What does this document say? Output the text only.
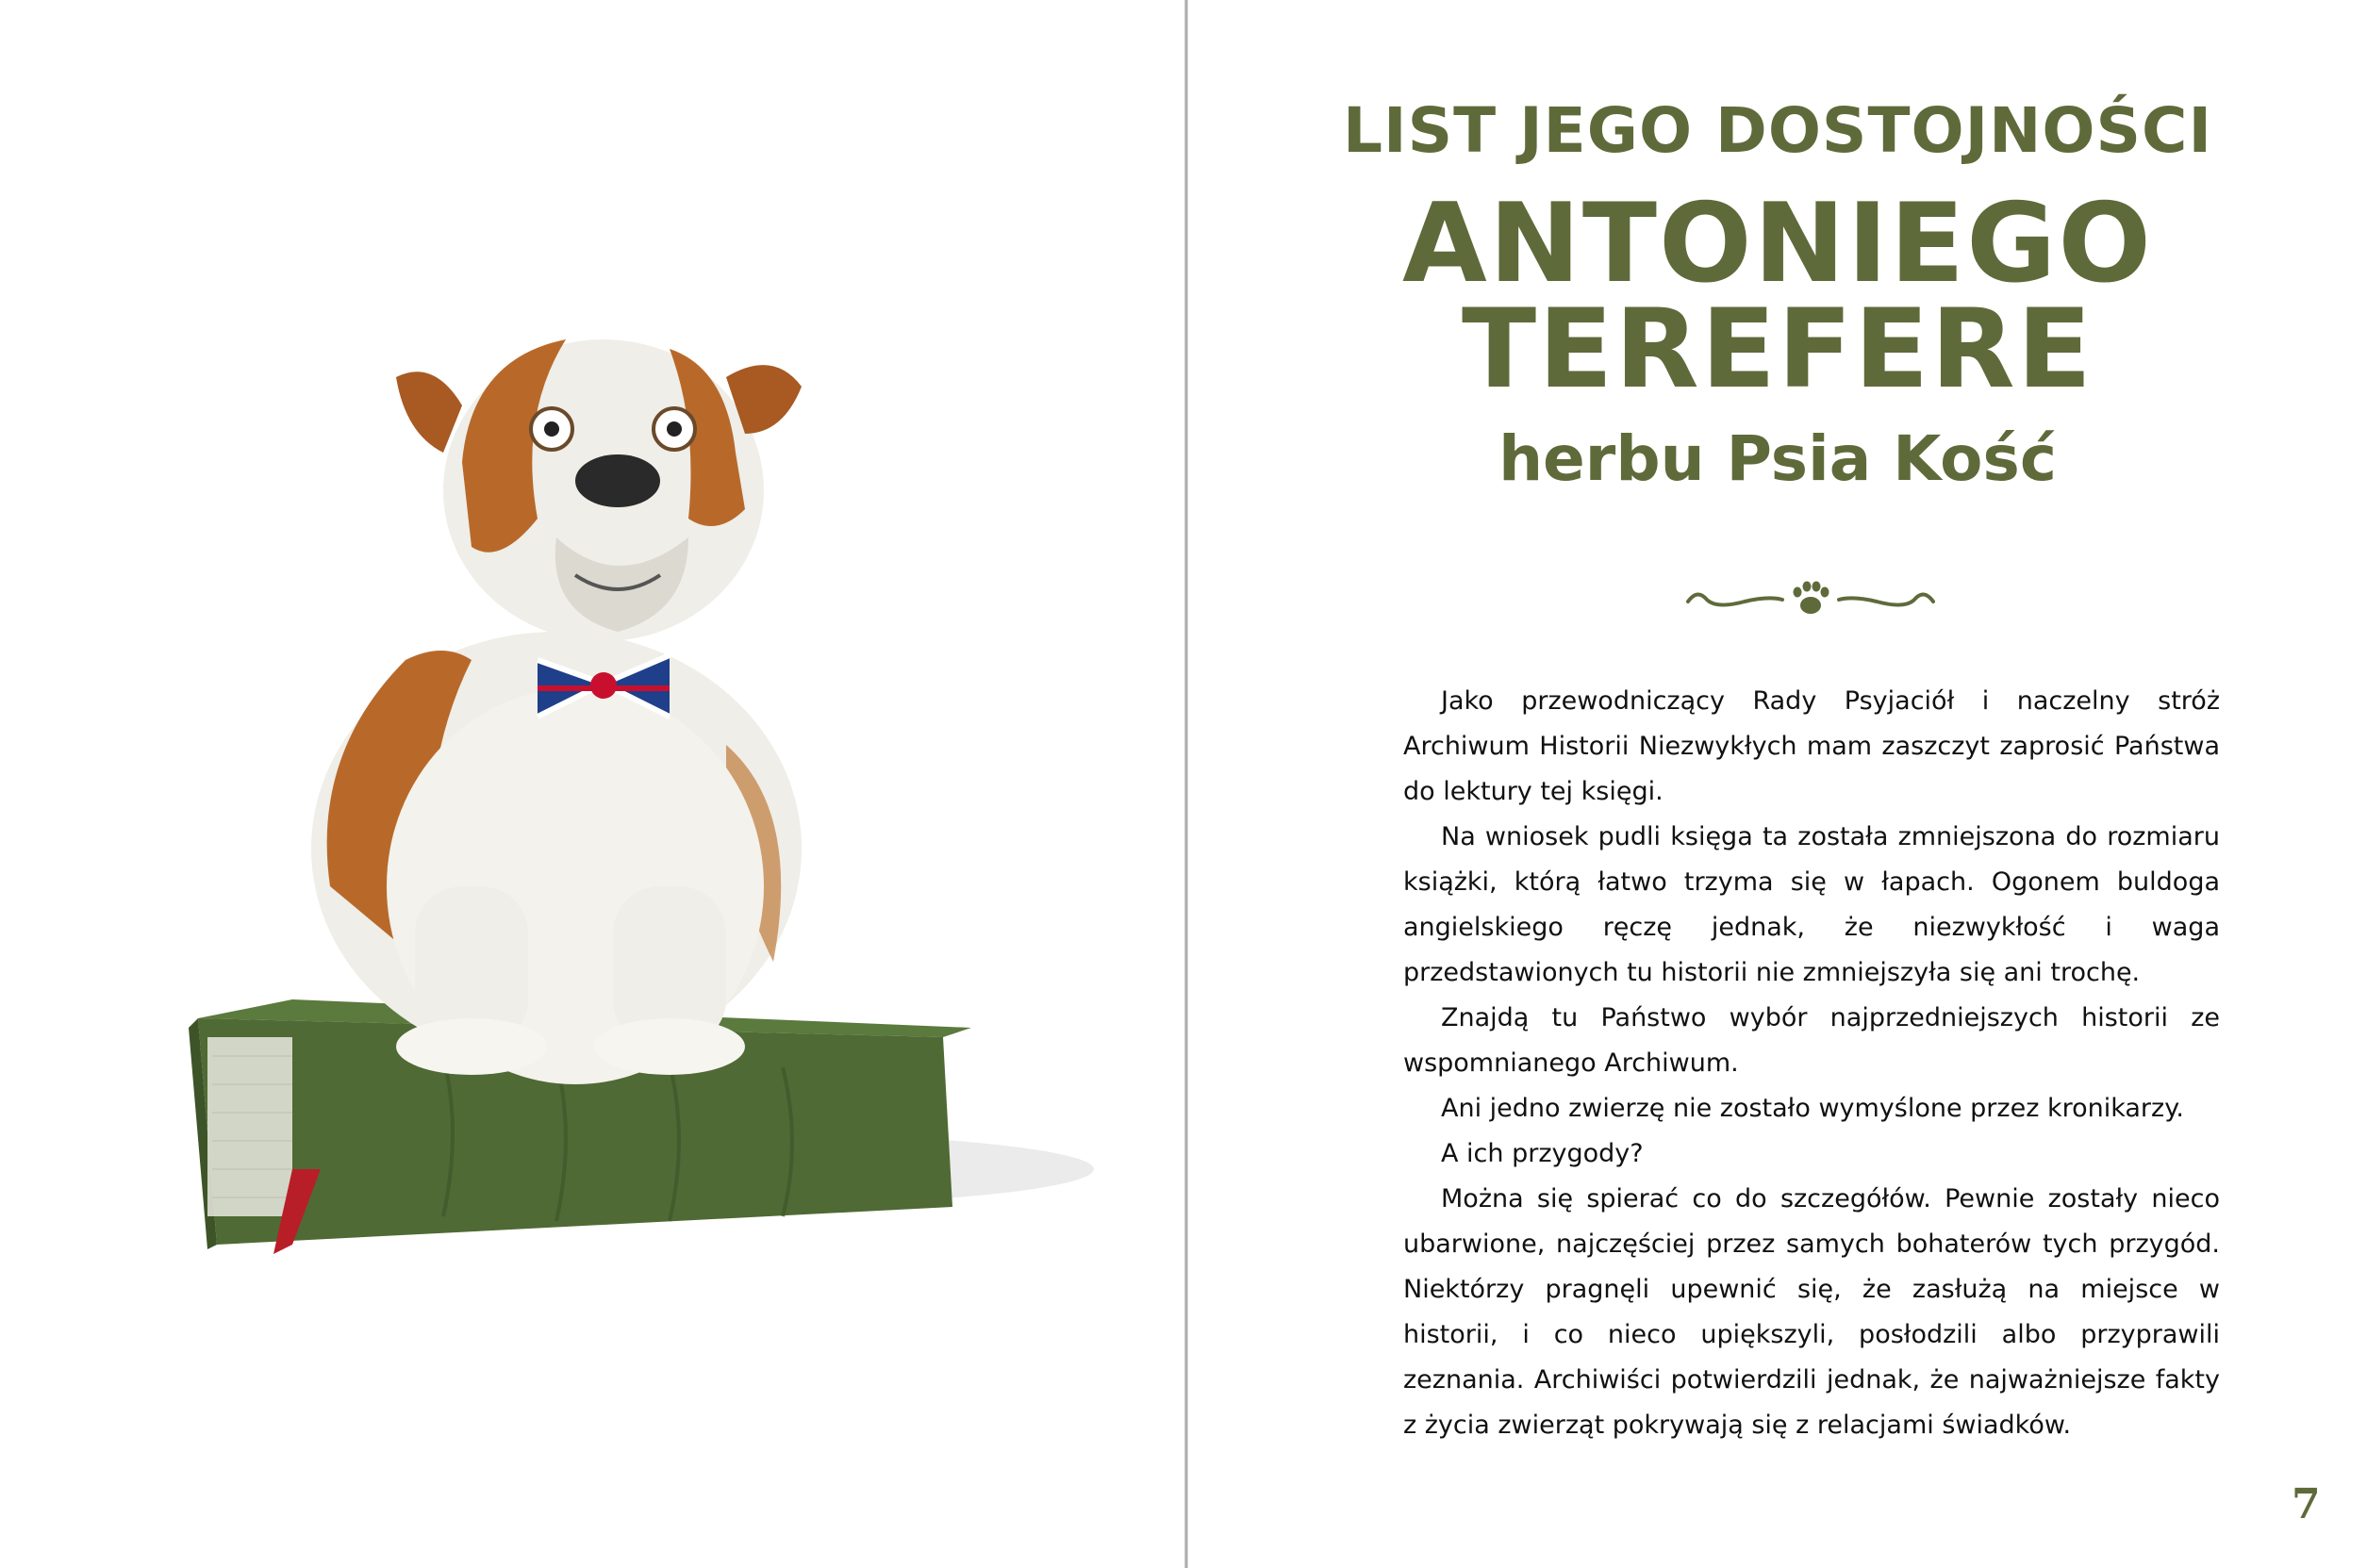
LIST JEGO DOSTOJNOŚCI
ANTONIEGO
TEREFERE
herbu Psia Kość

Jako przewodniczący Rady Psyjaciół i naczelny stróż Archiwum Historii Niezwykłych mam zaszczyt zaprosić Państwa do lektury tej księgi.

Na wniosek pudli księga ta została zmniejszona do rozmiaru książki, którą łatwo trzyma się w łapach. Ogonem buldoga angielskiego ręczę jednak, że niezwykłość i waga przedstawionych tu historii nie zmniejszyła się ani trochę.

Znajdą tu Państwo wybór najprzedniejszych historii ze wspomnianego Archiwum.

Ani jedno zwierzę nie zostało wymyślone przez kronikarzy.

A ich przygody?

Można się spierać co do szczegółów. Pewnie zostały nieco ubarwione, najczęściej przez samych bohaterów tych przygód. Niektórzy pragnęli upewnić się, że zasłużą na miejsce w historii, i co nieco upiększyli, posłodzili albo przyprawili zeznania. Archiwiści potwierdzili jednak, że najważniejsze fakty z życia zwierząt pokrywają się z relacjami świadków.

7
